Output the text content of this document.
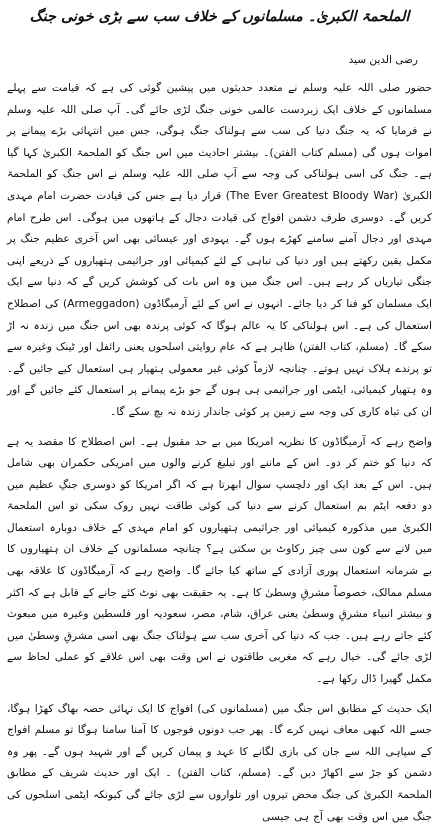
الملحمۃ الکبریٰ۔ مسلمانوں کے خلاف سب سے بڑی خونی جنگ
رضی الدین سید

حضور صلی اللہ علیہ وسلم نے متعدد حدیثوں میں پیشین گوئی کی ہے کہ قیامت سے پہلے مسلمانوں کے خلاف ایک زبردست عالمی خونی جنگ لڑی جائے گی۔ آپ صلی اللہ علیہ وسلم نے فرمایا کہ یہ جنگ دنیا کی سب سے ہولناک جنگ ہوگی، جس میں انتہائی بڑے پیمانے پر اموات ہوں گی (مسلم کتاب الفتن)۔ بیشتر احادیث میں اس جنگ کو الملحمۃ الکبریٰ کہا گیا ہے۔ جنگ کی اسی ہولناکی کی وجہ سے آپ صلی اللہ علیہ وسلم نے اس جنگ کو الملحمۃ الکبریٰ (The Ever Greatest Bloody War) قرار دیا ہے جس کی قیادت حضرت امام مہدی کریں گے۔ دوسری طرف دشمن افواج کی قیادت دجال کے ہاتھوں میں ہوگی۔ اس طرح امام مہدی اور دجال آمنے سامنے کھڑے ہوں گے۔ یہودی اور عیسائی بھی اس آخری عظیم جنگ پر مکمل یقین رکھتے ہیں اور دنیا کی تباہی کے لئے کیمیائی اور جراثیمی ہتھیاروں کے ذریعے اپنی جنگی تیاریاں کر رہے ہیں۔ اس جنگ میں وہ اس بات کی کوشش کریں گے کہ دنیا سے ایک ایک مسلمان کو فنا کر دیا جائے۔ انہوں نے اس کے لئے آرمیگاڈون (Armeggadon) کی اصطلاح استعمال کی ہے۔ اس ہولناکی کا یہ عالم ہوگا کہ کوئی پرندہ بھی اس جنگ میں زندہ نہ اڑ سکے گا۔ (مسلم، کتاب الفتن) ظاہر ہے کہ عام روایتی اسلحوں یعنی رائفل اور ٹینک وغیرہ سے تو پرندے ہلاک نہیں ہوتے۔ چنانچہ لازماً کوئی غیر معمولی ہتھیار ہی استعمال کیے جائیں گے۔ وہ ہتھیار کیمیائی، ایٹمی اور جراثیمی ہی ہوں گے جو بڑے پیمانے پر استعمال کئے جائیں گے اور ان کی تباہ کاری کی وجہ سے زمین پر کوئی جاندار زندہ نہ بچ سکے گا۔

واضح رہے کہ آرمیگاڈون کا نظریہ امریکا میں بے حد مقبول ہے۔ اس اصطلاح کا مقصد یہ ہے کہ دنیا کو ختم کر دو۔ اس کے ماننے اور تبلیغ کرنے والوں میں امریکی حکمران بھی شامل ہیں۔ اس کے بعد ایک اور دلچسپ سوال ابھرتا ہے کہ اگر امریکا کو دوسری جنگِ عظیم میں دو دفعہ ایٹم بم استعمال کرنے سے دنیا کی کوئی طاقت نہیں روک سکی تو اس الملحمۃ الکبریٰ میں مذکورہ کیمیائی اور جراثیمی ہتھیاروں کو امام مہدی کے خلاف دوبارہ استعمال میں لانے سے کون سی چیز رکاوٹ بن سکتی ہے؟ چنانچہ مسلمانوں کے خلاف ان ہتھیاروں کا بے شرمانہ استعمال پوری آزادی کے ساتھ کیا جائے گا۔ واضح رہے کہ آرمیگاڈون کا علاقہ بھی مسلم ممالک، خصوصاً مشرقِ وسطیٰ کا ہے۔ یہ حقیقت بھی نوٹ کئے جانے کے قابل ہے کہ اکثر و بیشتر انبیاء مشرقِ وسطیٰ یعنی عراق، شام، مصر، سعودیہ اور فلسطین وغیرہ میں مبعوث کئے جاتے رہے ہیں۔ جب کہ دنیا کی آخری سب سے ہولناک جنگ بھی اسی مشرقِ وسطیٰ میں لڑی جائے گی۔ خیال رہے کہ مغربی طاقتوں نے اس وقت بھی اس علاقے کو عملی لحاظ سے مکمل گھیرا ڈال رکھا ہے۔

ایک حدیث کے مطابق اس جنگ میں (مسلمانوں کی) افواج کا ایک تہائی حصہ بھاگ کھڑا ہوگا، جسے اللہ کبھی معاف نہیں کرے گا۔ پھر جب دونوں فوجوں کا آمنا سامنا ہوگا تو مسلم افواج کے سپاہی اللہ سے جان کی بازی لگانے کا عہد و پیمان کریں گے اور شہید ہوں گے۔ پھر وہ دشمن کو جڑ سے اکھاڑ دیں گے۔ (مسلم، کتاب الفتن) ۔ ایک اور حدیث شریف کے مطابق الملحمۃ الکبریٰ کی جنگ محض تیروں اور تلواروں سے لڑی جائے گی کیونکہ ایٹمی اسلحوں کی جنگ میں اس وقت بھی آج ہی جیسی
